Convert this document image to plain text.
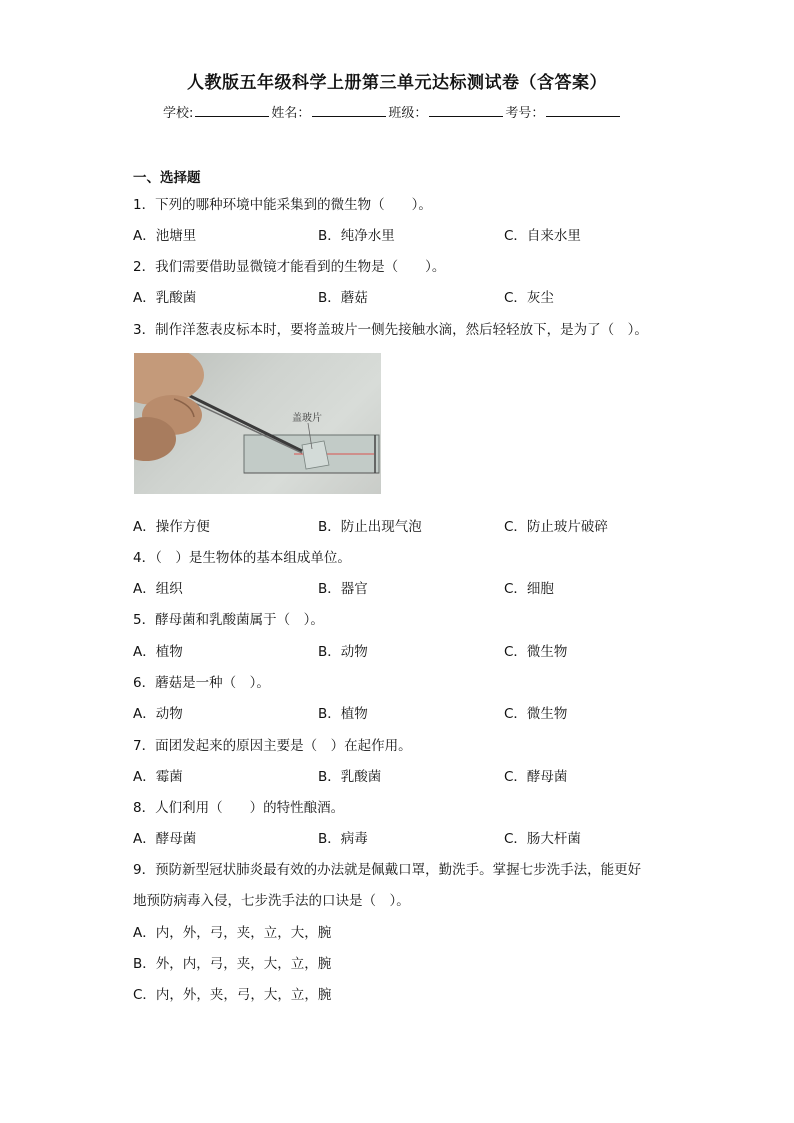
人教版五年级科学上册第三单元达标测试卷（含答案）
学校:	姓名：	班级：	考号：
一、选择题
1．下列的哪种环境中能采集到的微生物（　　）。
A．池塘里	B．纯净水里	C．自来水里
2．我们需要借助显微镜才能看到的生物是（　　）。
A．乳酸菌	B．蘑菇	C．灰尘
3．制作洋葱表皮标本时，要将盖玻片一侧先接触水滴，然后轻轻放下，是为了（　）。
盖玻片
A．操作方便	B．防止出现气泡	C．防止玻片破碎
4．（　）是生物体的基本组成单位。
A．组织	B．器官	C．细胞
5．酵母菌和乳酸菌属于（　）。
A．植物	B．动物	C．微生物
6．蘑菇是一种（　）。
A．动物	B．植物	C．微生物
7．面团发起来的原因主要是（　）在起作用。
A．霉菌	B．乳酸菌	C．酵母菌
8．人们利用（　　）的特性酿酒。
A．酵母菌	B．病毒	C．肠大杆菌
9．预防新型冠状肺炎最有效的办法就是佩戴口罩，勤洗手。掌握七步洗手法，能更好
地预防病毒入侵，七步洗手法的口诀是（　）。
A．内，外，弓，夹，立，大，腕
B．外，内，弓，夹，大，立，腕
C．内，外，夹，弓，大，立，腕
